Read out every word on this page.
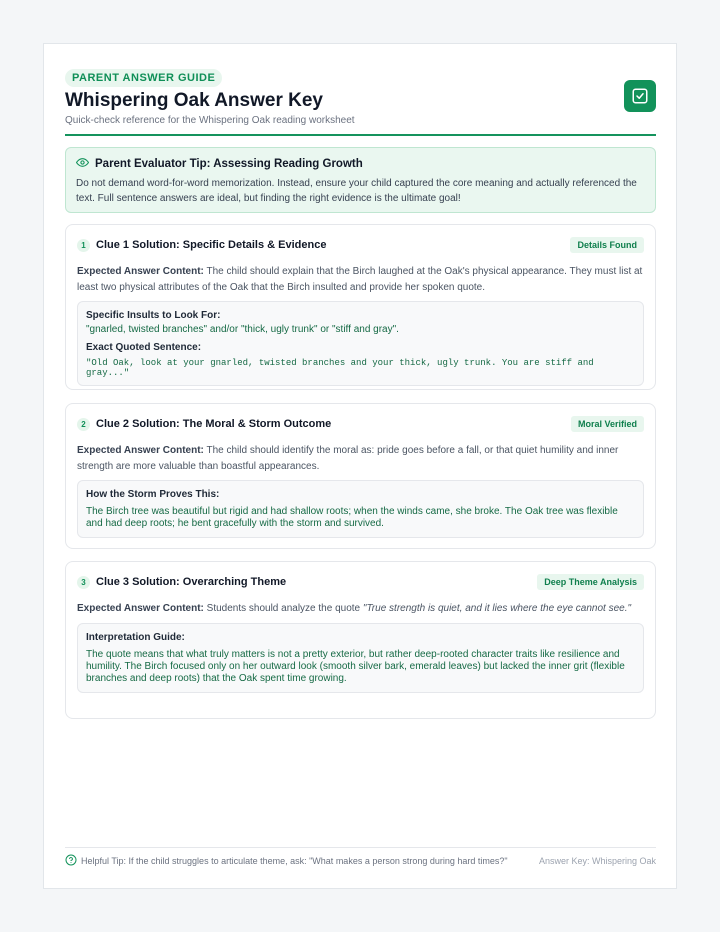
PARENT ANSWER GUIDE
Whispering Oak Answer Key
Quick-check reference for the Whispering Oak reading worksheet
Parent Evaluator Tip: Assessing Reading Growth
Do not demand word-for-word memorization. Instead, ensure your child captured the core meaning and actually referenced the text. Full sentence answers are ideal, but finding the right evidence is the ultimate goal!
1 Clue 1 Solution: Specific Details & Evidence	Details Found
Expected Answer Content: The child should explain that the Birch laughed at the Oak's physical appearance. They must list at least two physical attributes of the Oak that the Birch insulted and provide her spoken quote.
Specific Insults to Look For:
"gnarled, twisted branches" and/or "thick, ugly trunk" or "stiff and gray".
Exact Quoted Sentence:
"Old Oak, look at your gnarled, twisted branches and your thick, ugly trunk. You are stiff and gray..."
2 Clue 2 Solution: The Moral & Storm Outcome	Moral Verified
Expected Answer Content: The child should identify the moral as: pride goes before a fall, or that quiet humility and inner strength are more valuable than boastful appearances.
How the Storm Proves This:
The Birch tree was beautiful but rigid and had shallow roots; when the winds came, she broke. The Oak tree was flexible and had deep roots; he bent gracefully with the storm and survived.
3 Clue 3 Solution: Overarching Theme	Deep Theme Analysis
Expected Answer Content: Students should analyze the quote "True strength is quiet, and it lies where the eye cannot see."
Interpretation Guide:
The quote means that what truly matters is not a pretty exterior, but rather deep-rooted character traits like resilience and humility. The Birch focused only on her outward look (smooth silver bark, emerald leaves) but lacked the inner grit (flexible branches and deep roots) that the Oak spent time growing.
Helpful Tip: If the child struggles to articulate theme, ask: "What makes a person strong during hard times?"	Answer Key: Whispering Oak
